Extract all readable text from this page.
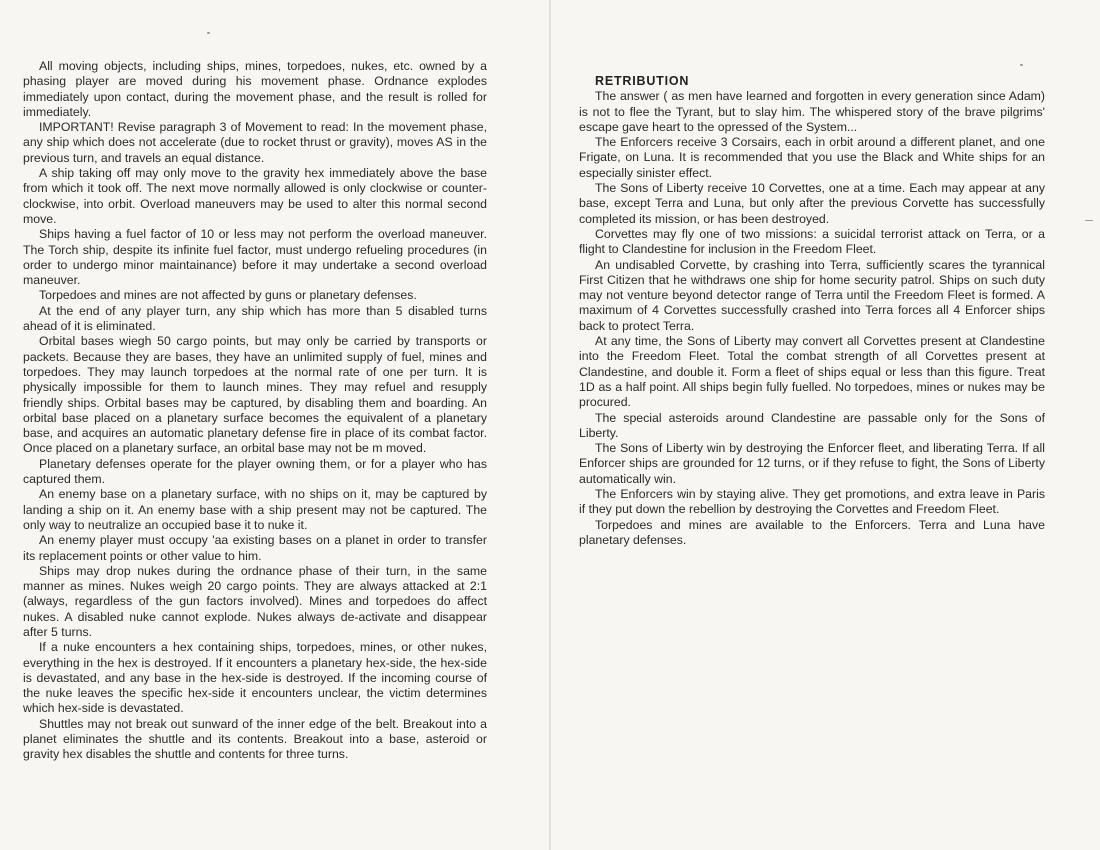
All moving objects, including ships, mines, torpedoes, nukes, etc. owned by a phasing player are moved during his movement phase. Ordnance explodes immediately upon contact, during the movement phase, and the result is rolled for immediately.

IMPORTANT! Revise paragraph 3 of Movement to read: In the movement phase, any ship which does not accelerate (due to rocket thrust or gravity), moves AS in the previous turn, and travels an equal distance.

A ship taking off may only move to the gravity hex immediately above the base from which it took off. The next move normally allowed is only clockwise or counter-clockwise, into orbit. Overload maneuvers may be used to alter this normal second move.

Ships having a fuel factor of 10 or less may not perform the overload maneuver. The Torch ship, despite its infinite fuel factor, must undergo refueling procedures (in order to undergo minor maintainance) before it may undertake a second overload maneuver.

Torpedoes and mines are not affected by guns or planetary defenses.

At the end of any player turn, any ship which has more than 5 disabled turns ahead of it is eliminated.

Orbital bases wiegh 50 cargo points, but may only be carried by transports or packets. Because they are bases, they have an unlimited supply of fuel, mines and torpedoes. They may launch torpedoes at the normal rate of one per turn. It is physically impossible for them to launch mines. They may refuel and resupply friendly ships. Orbital bases may be captured, by disabling them and boarding. An orbital base placed on a planetary surface becomes the equivalent of a planetary base, and acquires an automatic planetary defense fire in place of its combat factor. Once placed on a planetary surface, an orbital base may not be m moved.

Planetary defenses operate for the player owning them, or for a player who has captured them.

An enemy base on a planetary surface, with no ships on it, may be captured by landing a ship on it. An enemy base with a ship present may not be captured. The only way to neutralize an occupied base it to nuke it.

An enemy player must occupy 'aa existing bases on a planet in order to transfer its replacement points or other value to him.

Ships may drop nukes during the ordnance phase of their turn, in the same manner as mines. Nukes weigh 20 cargo points. They are always attacked at 2:1 (always, regardless of the gun factors involved). Mines and torpedoes do affect nukes. A disabled nuke cannot explode. Nukes always de-activate and disappear after 5 turns.

If a nuke encounters a hex containing ships, torpedoes, mines, or other nukes, everything in the hex is destroyed. If it encounters a planetary hex-side, the hex-side is devastated, and any base in the hex-side is destroyed. If the incoming course of the nuke leaves the specific hex-side it encounters unclear, the victim determines which hex-side is devastated.

Shuttles may not break out sunward of the inner edge of the belt. Breakout into a planet eliminates the shuttle and its contents. Breakout into a base, asteroid or gravity hex disables the shuttle and contents for three turns.

RETRIBUTION

The answer ( as men have learned and forgotten in every generation since Adam) is not to flee the Tyrant, but to slay him. The whispered story of the brave pilgrims' escape gave heart to the opressed of the System...

The Enforcers receive 3 Corsairs, each in orbit around a different planet, and one Frigate, on Luna. It is recommended that you use the Black and White ships for an especially sinister effect.

The Sons of Liberty receive 10 Corvettes, one at a time. Each may appear at any base, except Terra and Luna, but only after the previous Corvette has successfully completed its mission, or has been destroyed.

Corvettes may fly one of two missions: a suicidal terrorist attack on Terra, or a flight to Clandestine for inclusion in the Freedom Fleet.

An undisabled Corvette, by crashing into Terra, sufficiently scares the tyrannical First Citizen that he withdraws one ship for home security patrol. Ships on such duty may not venture beyond detector range of Terra until the Freedom Fleet is formed. A maximum of 4 Corvettes successfully crashed into Terra forces all 4 Enforcer ships back to protect Terra.

At any time, the Sons of Liberty may convert all Corvettes present at Clandestine into the Freedom Fleet. Total the combat strength of all Corvettes present at Clandestine, and double it. Form a fleet of ships equal or less than this figure. Treat 1D as a half point. All ships begin fully fuelled. No torpedoes, mines or nukes may be procured.

The special asteroids around Clandestine are passable only for the Sons of Liberty.

The Sons of Liberty win by destroying the Enforcer fleet, and liberating Terra. If all Enforcer ships are grounded for 12 turns, or if they refuse to fight, the Sons of Liberty automatically win.

The Enforcers win by staying alive. They get promotions, and extra leave in Paris if they put down the rebellion by destroying the Corvettes and Freedom Fleet.

Torpedoes and mines are available to the Enforcers. Terra and Luna have planetary defenses.
